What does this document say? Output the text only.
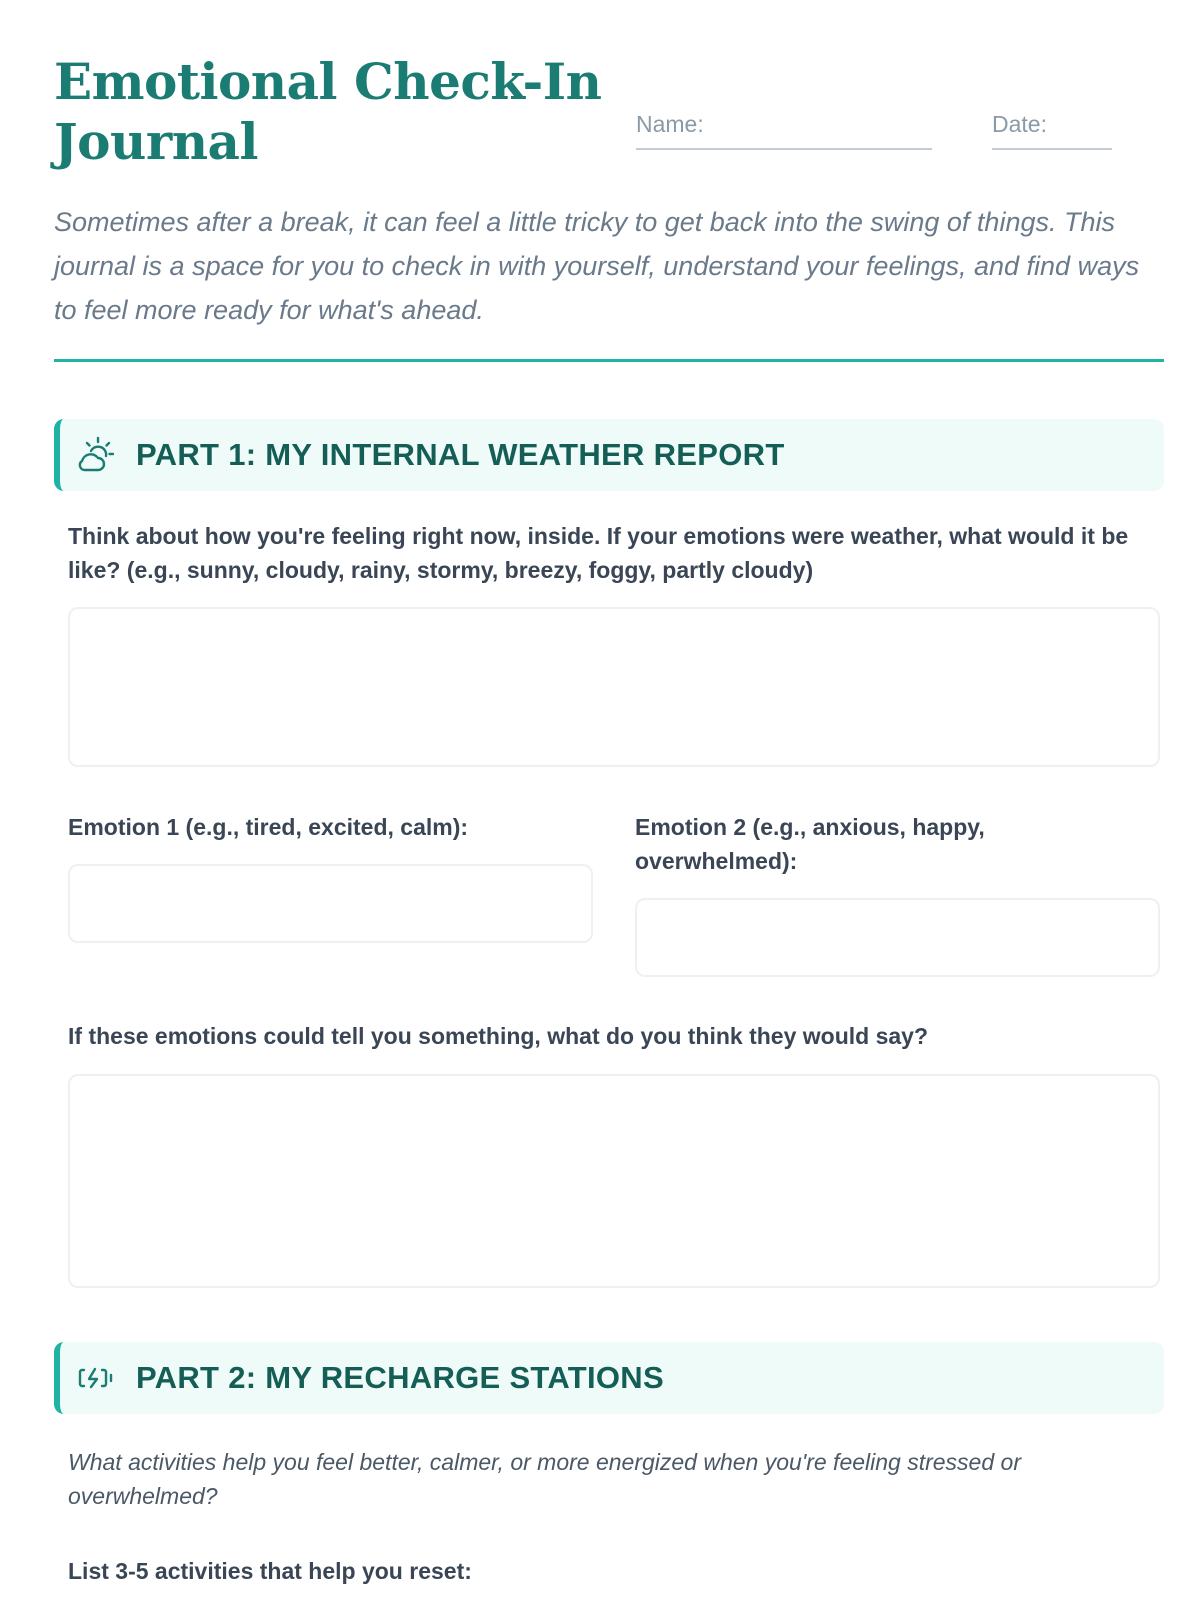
Emotional Check-In
Journal	Name:	Date:

Sometimes after a break, it can feel a little tricky to get back into the swing of things. This journal is a space for you to check in with yourself, understand your feelings, and find ways to feel more ready for what's ahead.

PART 1: MY INTERNAL WEATHER REPORT

Think about how you're feeling right now, inside. If your emotions were weather, what would it be like? (e.g., sunny, cloudy, rainy, stormy, breezy, foggy, partly cloudy)

Emotion 1 (e.g., tired, excited, calm):	Emotion 2 (e.g., anxious, happy, overwhelmed):

If these emotions could tell you something, what do you think they would say?

PART 2: MY RECHARGE STATIONS

What activities help you feel better, calmer, or more energized when you're feeling stressed or overwhelmed?

List 3-5 activities that help you reset:
